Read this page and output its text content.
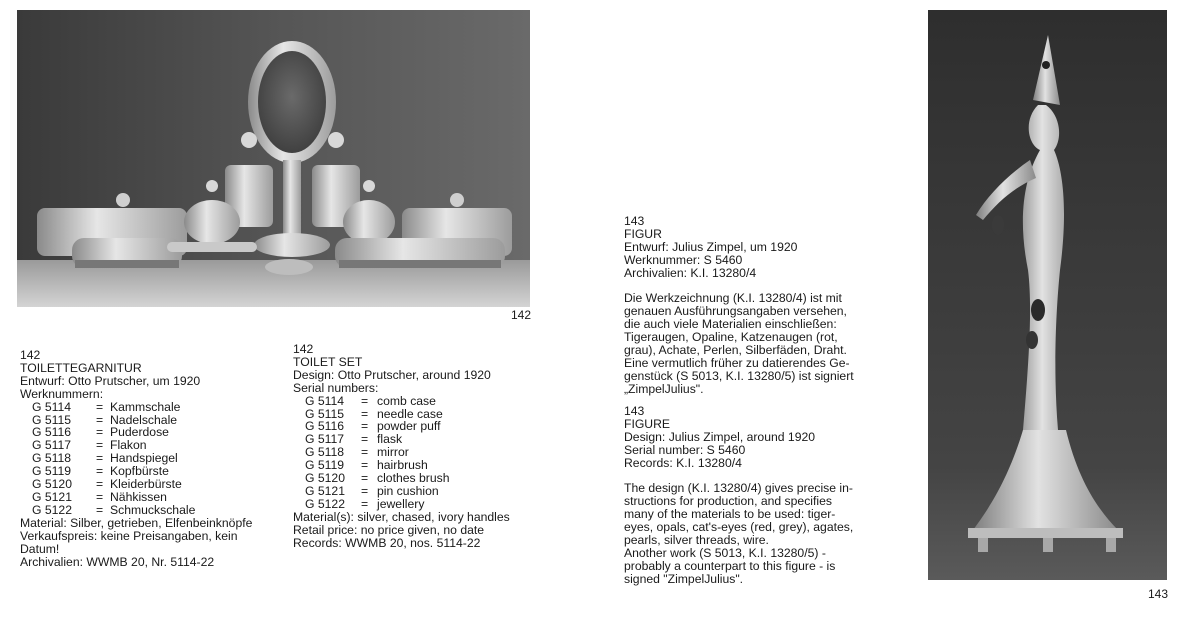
142
143
142
TOILETTEGARNITUR
Entwurf: Otto Prutscher, um 1920
Werknummern:
G 5114	= Kammschale
G 5115	= Nadelschale
G 5116	= Puderdose
G 5117	= Flakon
G 5118	= Handspiegel
G 5119	= Kopfbürste
G 5120	= Kleiderbürste
G 5121	= Nähkissen
G 5122	= Schmuckschale
Material: Silber, getrieben, Elfenbeinknöpfe
Verkaufspreis: keine Preisangaben, kein
Datum!
Archivalien: WWMB 20, Nr. 5114-22
142
TOILET SET
Design: Otto Prutscher, around 1920
Serial numbers:
G 5114	= comb case
G 5115	= needle case
G 5116	= powder puff
G 5117	= flask
G 5118	= mirror
G 5119	= hairbrush
G 5120	= clothes brush
G 5121	= pin cushion
G 5122	= jewellery
Material(s): silver, chased, ivory handles
Retail price: no price given, no date
Records: WWMB 20, nos. 5114-22
143
FIGUR
Entwurf: Julius Zimpel, um 1920
Werknummer: S 5460
Archivalien: K.I. 13280/4
Die Werkzeichnung (K.I. 13280/4) ist mit
genauen Ausführungsangaben versehen,
die auch viele Materialien einschließen:
Tigeraugen, Opaline, Katzenaugen (rot,
grau), Achate, Perlen, Silberfäden, Draht.
Eine vermutlich früher zu datierendes Ge-
genstück (S 5013, K.I. 13280/5) ist signiert
„ZimpelJulius".
143
FIGURE
Design: Julius Zimpel, around 1920
Serial number: S 5460
Records: K.I. 13280/4
The design (K.I. 13280/4) gives precise in-
structions for production, and specifies
many of the materials to be used: tiger-
eyes, opals, cat's-eyes (red, grey), agates,
pearls, silver threads, wire.
Another work (S 5013, K.I. 13280/5) -
probably a counterpart to this figure - is
signed "ZimpelJulius".
